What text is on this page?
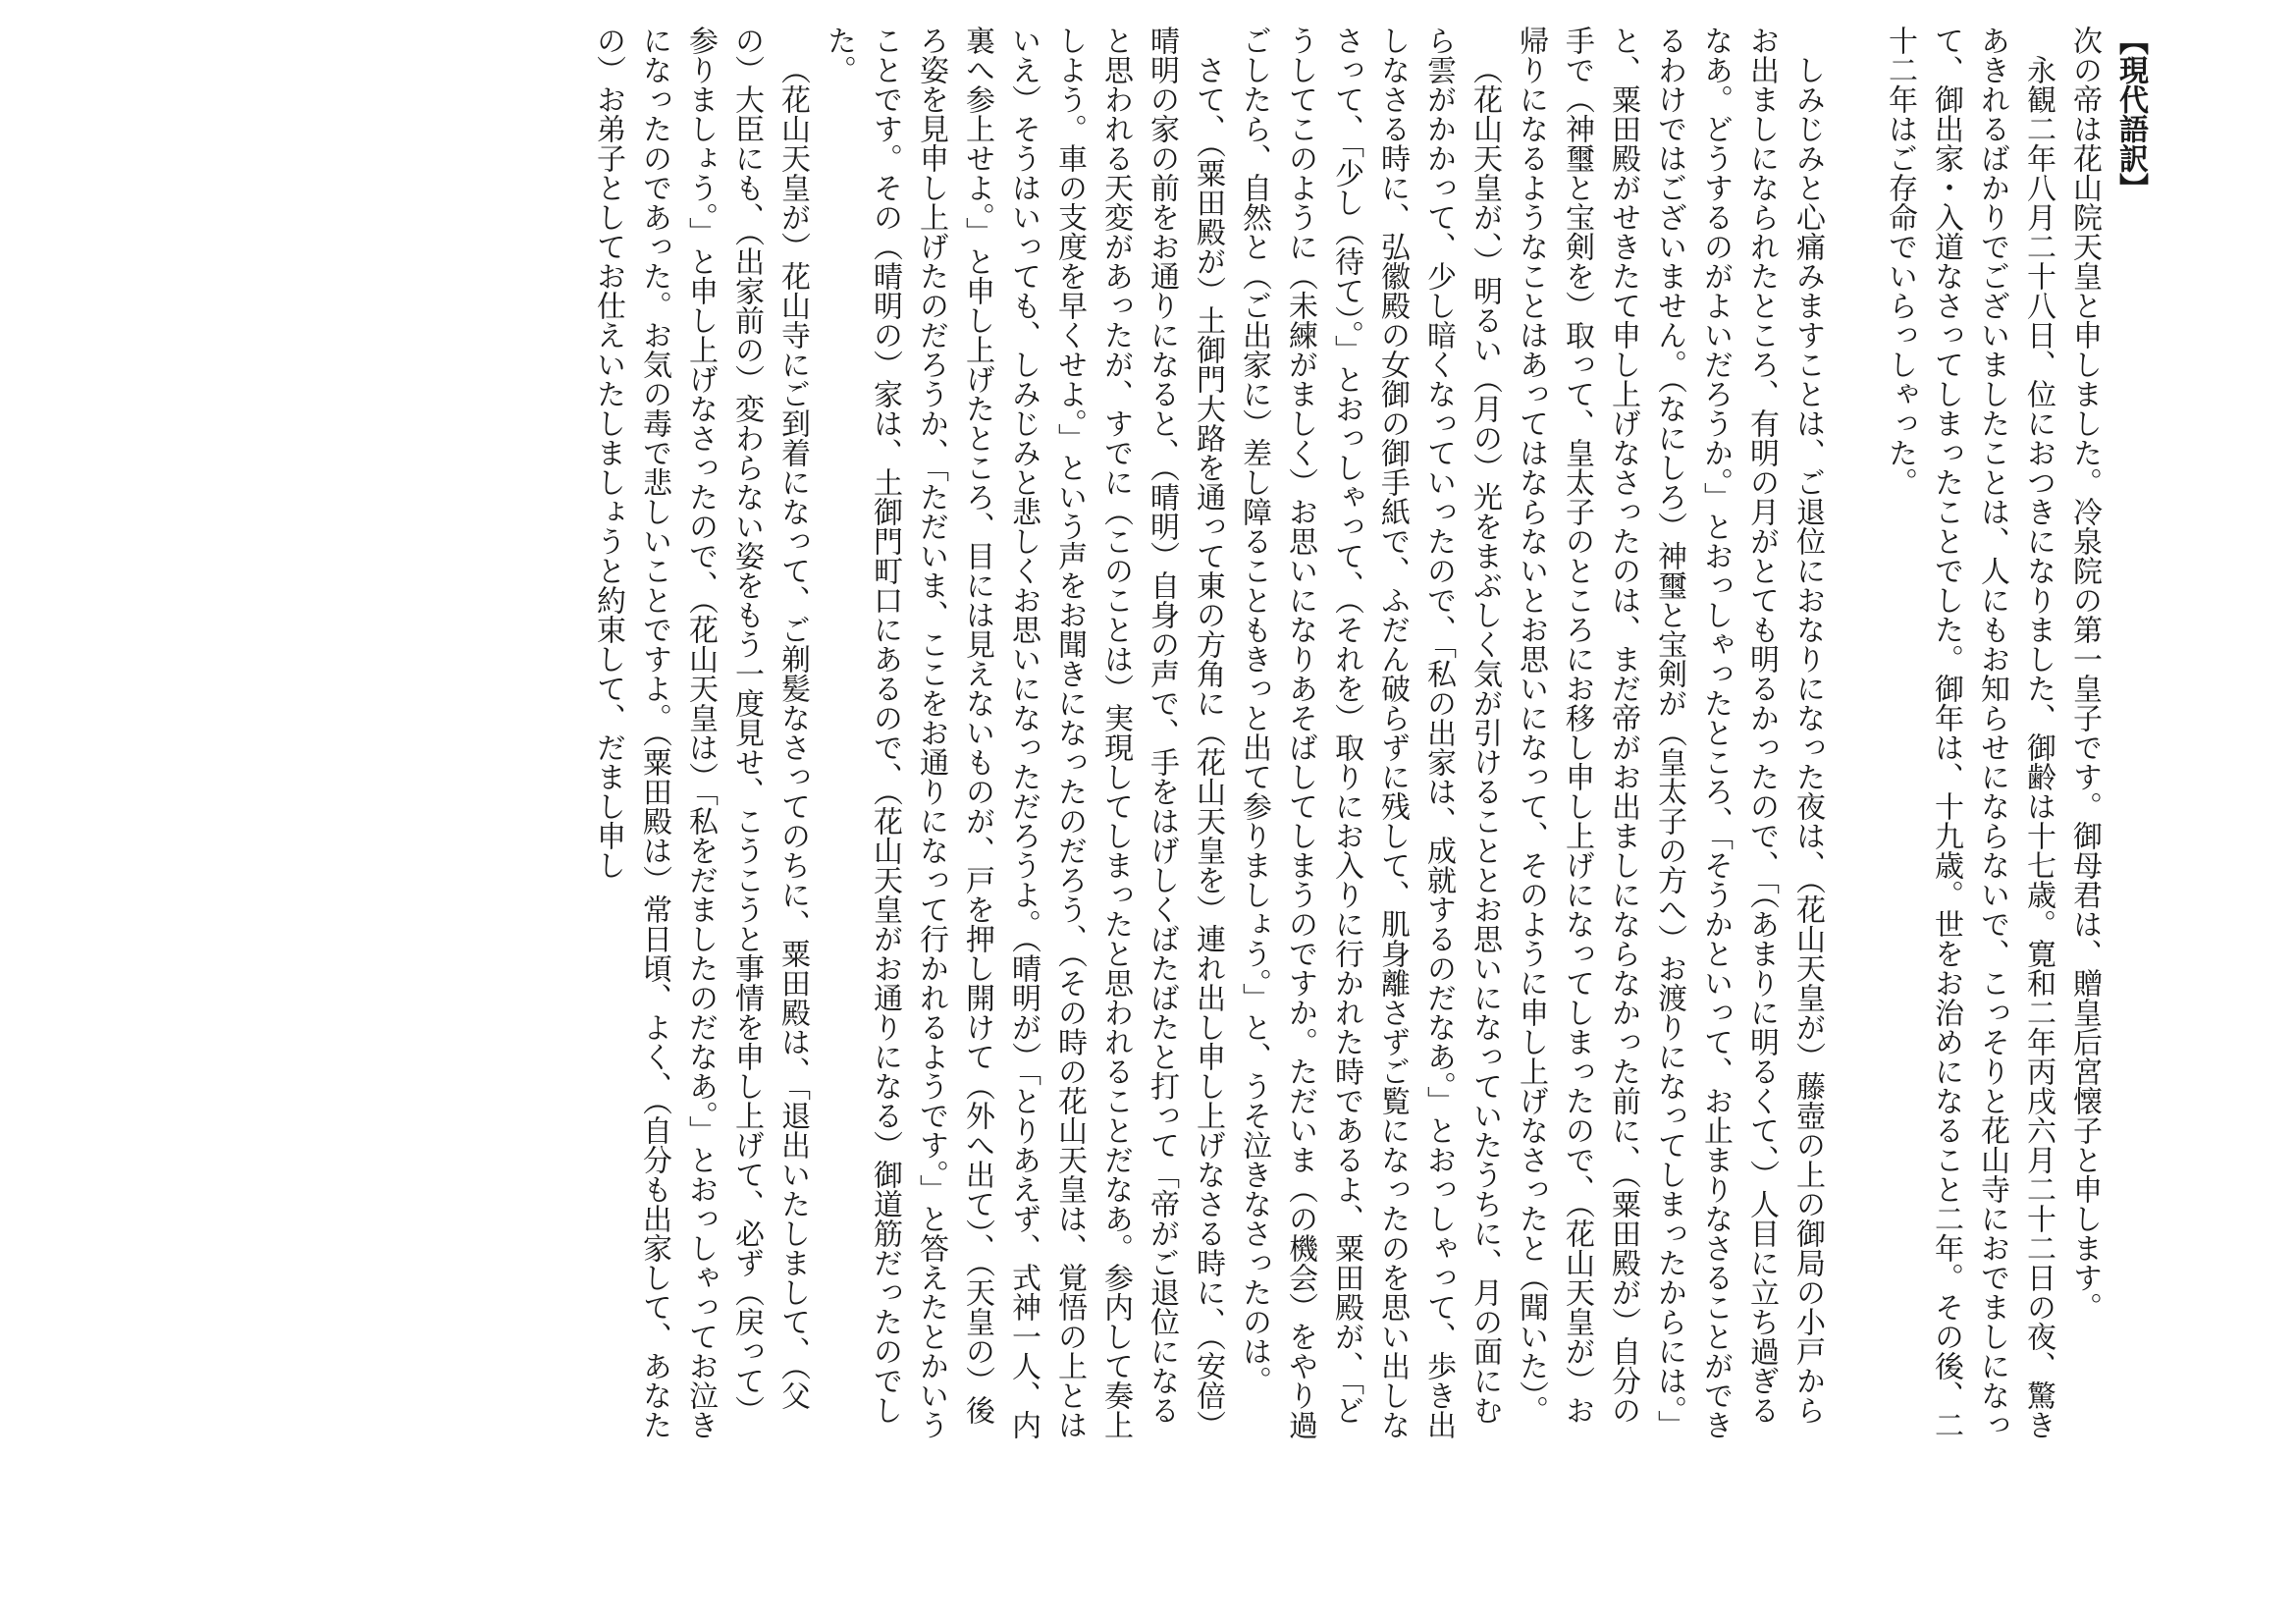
【現代語訳】
次の帝は花山院天皇と申しました。冷泉院の第一皇子です。御母君は、贈皇后宮懐子と申します。
永観二年八月二十八日、位におつきになりました、御齢は十七歳。寛和二年丙戌六月二十二日の夜、驚きあきれるばかりでございましたことは、人にもお知らせにならないで、こっそりと花山寺におでましになって、御出家・入道なさってしまったことでした。御年は、十九歳。世をお治めになること二年。その後、二十二年はご存命でいらっしゃった。
しみじみと心痛みますことは、ご退位におなりになった夜は、（花山天皇が）藤壺の上の御局の小戸からお出ましになられたところ、有明の月がとても明るかったので、「（あまりに明るくて、）人目に立ち過ぎるなあ。どうするのがよいだろうか。」とおっしゃったところ、「そうかといって、お止まりなさることができるわけではございません。（なにしろ）神璽と宝剣が（皇太子の方へ）お渡りになってしまったからには。」と、粟田殿がせきたて申し上げなさったのは、まだ帝がお出ましにならなかった前に、（粟田殿が）自分の手で（神璽と宝剣を）取って、皇太子のところにお移し申し上げになってしまったので、（花山天皇が）お帰りになるようなことはあってはならないとお思いになって、そのように申し上げなさったと（聞いた）。
（花山天皇が、）明るい（月の）光をまぶしく気が引けることとお思いになっていたうちに、月の面にむら雲がかかって、少し暗くなっていったので、「私の出家は、成就するのだなあ。」とおっしゃって、歩き出しなさる時に、弘徽殿の女御の御手紙で、ふだん破らずに残して、肌身離さずご覧になったのを思い出しなさって、「少し（待て）。」とおっしゃって、（それを）取りにお入りに行かれた時であるよ、粟田殿が、「どうしてこのように（未練がましく）お思いになりあそばしてしまうのですか。ただいま（の機会）をやり過ごしたら、自然と（ご出家に）差し障ることもきっと出て参りましょう。」と、うそ泣きなさったのは。
さて、（粟田殿が）土御門大路を通って東の方角に（花山天皇を）連れ出し申し上げなさる時に、（安倍）晴明の家の前をお通りになると、（晴明）自身の声で、手をはげしくばたばたと打って「帝がご退位になると思われる天変があったが、すでに（このことは）実現してしまったと思われることだなあ。参内して奏上しよう。車の支度を早くせよ。」という声をお聞きになったのだろう、（その時の花山天皇は、覚悟の上とはいえ）そうはいっても、しみじみと悲しくお思いになっただろうよ。（晴明が）「とりあえず、式神一人、内裏へ参上せよ。」と申し上げたところ、目には見えないものが、戸を押し開けて（外へ出て）、（天皇の）後ろ姿を見申し上げたのだろうか、「ただいま、ここをお通りになって行かれるようです。」と答えたとかいうことです。その（晴明の）家は、土御門町口にあるので、（花山天皇がお通りになる）御道筋だったのでした。
（花山天皇が）花山寺にご到着になって、ご剃髪なさってのちに、粟田殿は、「退出いたしまして、（父の）大臣にも、（出家前の）変わらない姿をもう一度見せ、こうこうと事情を申し上げて、必ず（戻って）参りましょう。」と申し上げなさったので、（花山天皇は）「私をだましたのだなあ。」とおっしゃってお泣きになったのであった。お気の毒で悲しいことですよ。（粟田殿は）常日頃、よく、（自分も出家して、あなたの）お弟子としてお仕えいたしましょうと約束して、だまし申し
